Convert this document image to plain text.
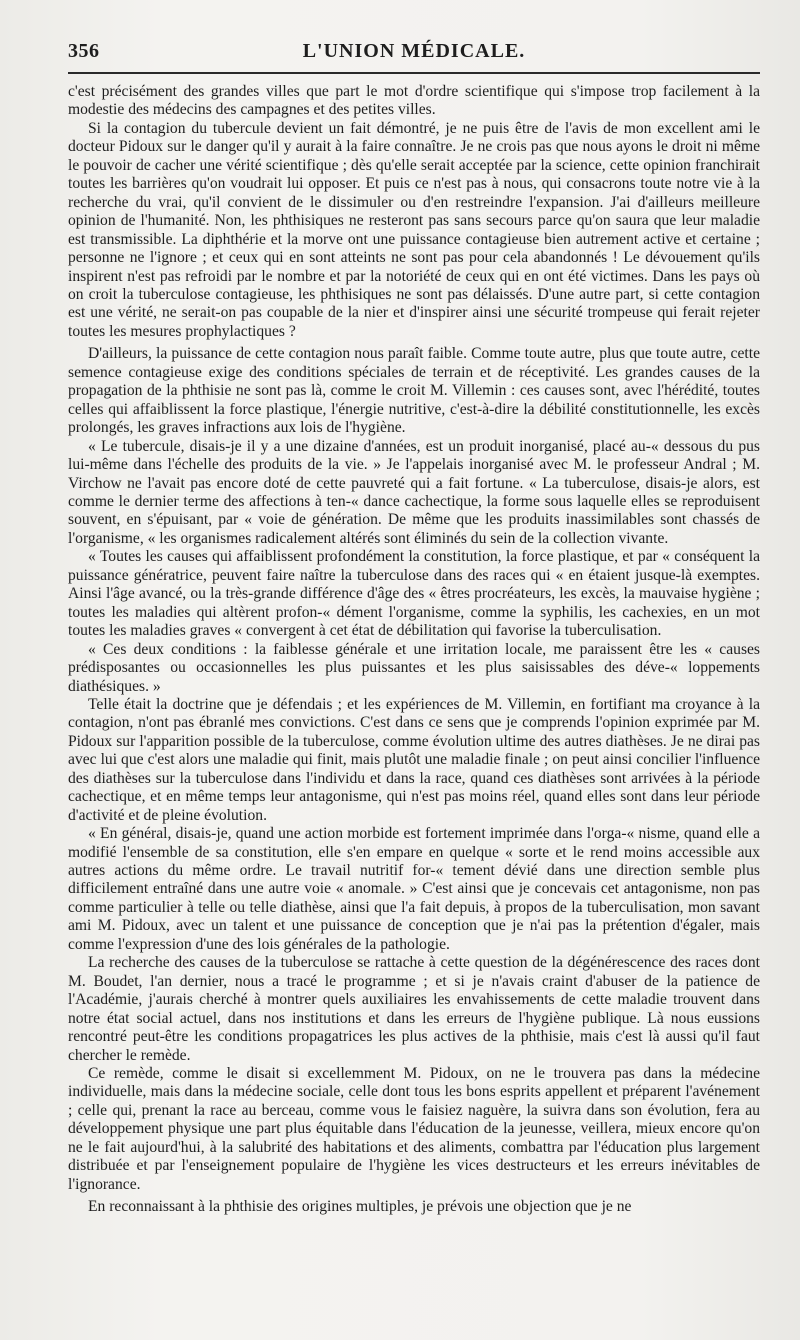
356	L'UNION MÉDICALE.

c'est précisément des grandes villes que part le mot d'ordre scientifique qui s'impose trop facilement à la modestie des médecins des campagnes et des petites villes.

Si la contagion du tubercule devient un fait démontré, je ne puis être de l'avis de mon excellent ami le docteur Pidoux sur le danger qu'il y aurait à la faire connaître. Je ne crois pas que nous ayons le droit ni même le pouvoir de cacher une vérité scientifique ; dès qu'elle serait acceptée par la science, cette opinion franchirait toutes les barrières qu'on voudrait lui opposer. Et puis ce n'est pas à nous, qui consacrons toute notre vie à la recherche du vrai, qu'il convient de le dissimuler ou d'en restreindre l'expansion. J'ai d'ailleurs meilleure opinion de l'humanité. Non, les phthisiques ne resteront pas sans secours parce qu'on saura que leur maladie est transmissible. La diphthérie et la morve ont une puissance contagieuse bien autrement active et certaine ; personne ne l'ignore ; et ceux qui en sont atteints ne sont pas pour cela abandonnés ! Le dévouement qu'ils inspirent n'est pas refroidi par le nombre et par la notoriété de ceux qui en ont été victimes. Dans les pays où on croit la tuberculose contagieuse, les phthisiques ne sont pas délaissés. D'une autre part, si cette contagion est une vérité, ne serait-on pas coupable de la nier et d'inspirer ainsi une sécurité trompeuse qui ferait rejeter toutes les mesures prophylactiques ?

D'ailleurs, la puissance de cette contagion nous paraît faible. Comme toute autre, plus que toute autre, cette semence contagieuse exige des conditions spéciales de terrain et de réceptivité. Les grandes causes de la propagation de la phthisie ne sont pas là, comme le croit M. Villemin : ces causes sont, avec l'hérédité, toutes celles qui affaiblissent la force plastique, l'énergie nutritive, c'est-à-dire la débilité constitutionnelle, les excès prolongés, les graves infractions aux lois de l'hygiène.

« Le tubercule, disais-je il y a une dizaine d'années, est un produit inorganisé, placé au-« dessous du pus lui-même dans l'échelle des produits de la vie. » Je l'appelais inorganisé avec M. le professeur Andral ; M. Virchow ne l'avait pas encore doté de cette pauvreté qui a fait fortune. « La tuberculose, disais-je alors, est comme le dernier terme des affections à ten-« dance cachectique, la forme sous laquelle elles se reproduisent souvent, en s'épuisant, par « voie de génération. De même que les produits inassimilables sont chassés de l'organisme, « les organismes radicalement altérés sont éliminés du sein de la collection vivante.

« Toutes les causes qui affaiblissent profondément la constitution, la force plastique, et par « conséquent la puissance génératrice, peuvent faire naître la tuberculose dans des races qui « en étaient jusque-là exemptes. Ainsi l'âge avancé, ou la très-grande différence d'âge des « êtres procréateurs, les excès, la mauvaise hygiène ; toutes les maladies qui altèrent profon-« dément l'organisme, comme la syphilis, les cachexies, en un mot toutes les maladies graves « convergent à cet état de débilitation qui favorise la tuberculisation.

« Ces deux conditions : la faiblesse générale et une irritation locale, me paraissent être les « causes prédisposantes ou occasionnelles les plus puissantes et les plus saisissables des déve-« loppements diathésiques. »

Telle était la doctrine que je défendais ; et les expériences de M. Villemin, en fortifiant ma croyance à la contagion, n'ont pas ébranlé mes convictions. C'est dans ce sens que je comprends l'opinion exprimée par M. Pidoux sur l'apparition possible de la tuberculose, comme évolution ultime des autres diathèses. Je ne dirai pas avec lui que c'est alors une maladie qui finit, mais plutôt une maladie finale ; on peut ainsi concilier l'influence des diathèses sur la tuberculose dans l'individu et dans la race, quand ces diathèses sont arrivées à la période cachectique, et en même temps leur antagonisme, qui n'est pas moins réel, quand elles sont dans leur période d'activité et de pleine évolution.

« En général, disais-je, quand une action morbide est fortement imprimée dans l'orga-« nisme, quand elle a modifié l'ensemble de sa constitution, elle s'en empare en quelque « sorte et le rend moins accessible aux autres actions du même ordre. Le travail nutritif for-« tement dévié dans une direction semble plus difficilement entraîné dans une autre voie « anomale. » C'est ainsi que je concevais cet antagonisme, non pas comme particulier à telle ou telle diathèse, ainsi que l'a fait depuis, à propos de la tuberculisation, mon savant ami M. Pidoux, avec un talent et une puissance de conception que je n'ai pas la prétention d'égaler, mais comme l'expression d'une des lois générales de la pathologie.

La recherche des causes de la tuberculose se rattache à cette question de la dégénérescence des races dont M. Boudet, l'an dernier, nous a tracé le programme ; et si je n'avais craint d'abuser de la patience de l'Académie, j'aurais cherché à montrer quels auxiliaires les envahissements de cette maladie trouvent dans notre état social actuel, dans nos institutions et dans les erreurs de l'hygiène publique. Là nous eussions rencontré peut-être les conditions propagatrices les plus actives de la phthisie, mais c'est là aussi qu'il faut chercher le remède.

Ce remède, comme le disait si excellemment M. Pidoux, on ne le trouvera pas dans la médecine individuelle, mais dans la médecine sociale, celle dont tous les bons esprits appellent et préparent l'avénement ; celle qui, prenant la race au berceau, comme vous le faisiez naguère, la suivra dans son évolution, fera au développement physique une part plus équitable dans l'éducation de la jeunesse, veillera, mieux encore qu'on ne le fait aujourd'hui, à la salubrité des habitations et des aliments, combattra par l'éducation plus largement distribuée et par l'enseignement populaire de l'hygiène les vices destructeurs et les erreurs inévitables de l'ignorance.

En reconnaissant à la phthisie des origines multiples, je prévois une objection que je ne
